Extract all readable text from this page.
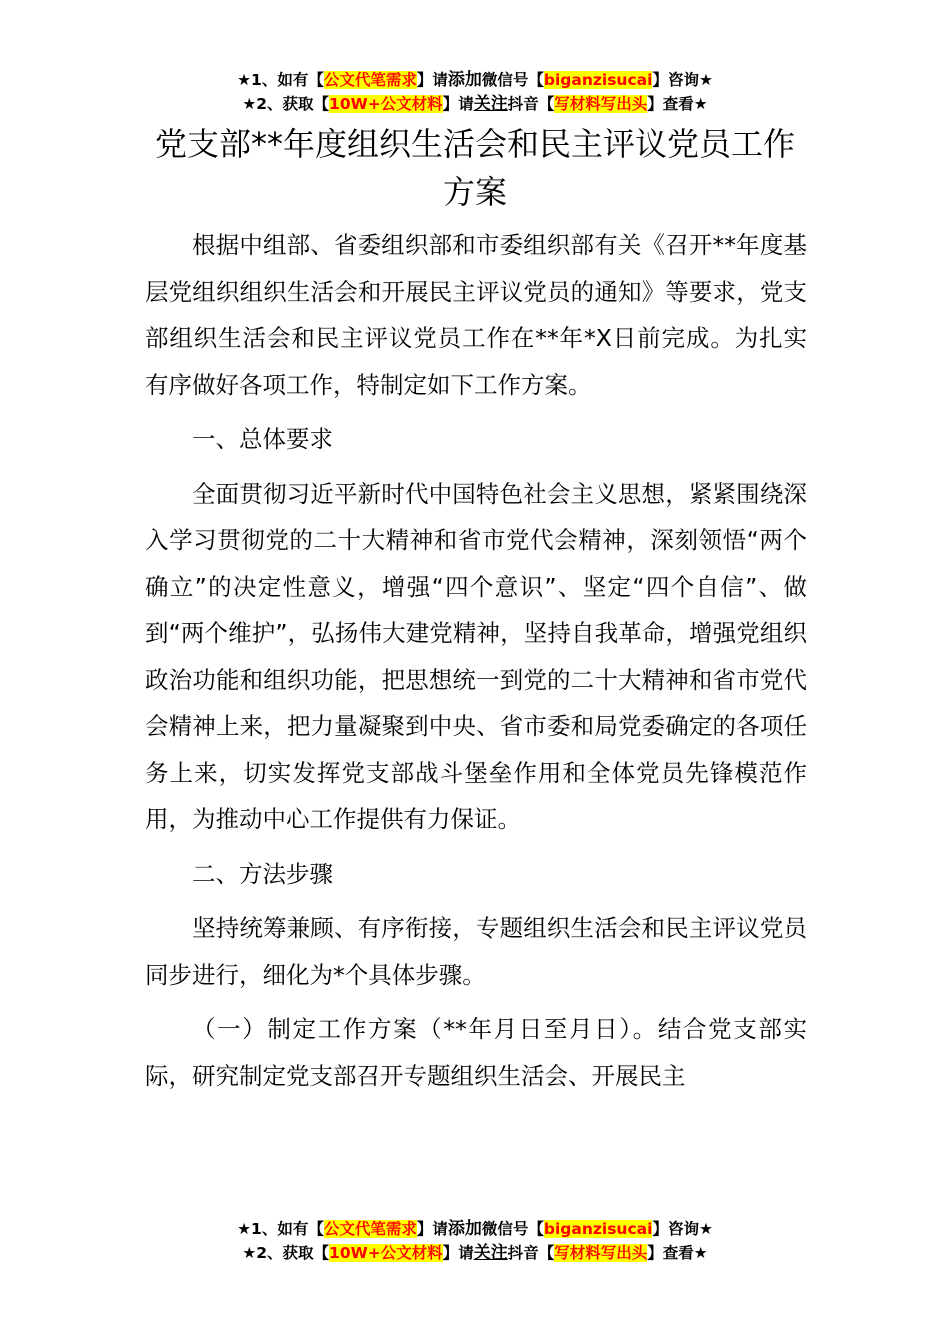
★1、如有【公文代笔需求】请添加微信号【biganzisucai】咨询★
★2、获取【10W+公文材料】请关注抖音【写材料写出头】查看★
党支部**年度组织生活会和民主评议党员工作方案

根据中组部、省委组织部和市委组织部有关《召开**年度基层党组织组织生活会和开展民主评议党员的通知》等要求，党支部组织生活会和民主评议党员工作在**年*X日前完成。为扎实有序做好各项工作，特制定如下工作方案。

一、总体要求

全面贯彻习近平新时代中国特色社会主义思想，紧紧围绕深入学习贯彻党的二十大精神和省市党代会精神，深刻领悟“两个确立”的决定性意义，增强“四个意识”、坚定“四个自信”、做到“两个维护”，弘扬伟大建党精神，坚持自我革命，增强党组织政治功能和组织功能，把思想统一到党的二十大精神和省市党代会精神上来，把力量凝聚到中央、省市委和局党委确定的各项任务上来，切实发挥党支部战斗堡垒作用和全体党员先锋模范作用，为推动中心工作提供有力保证。

二、方法步骤

坚持统筹兼顾、有序衔接，专题组织生活会和民主评议党员同步进行，细化为*个具体步骤。

（一）制定工作方案（**年月日至月日）。结合党支部实际，研究制定党支部召开专题组织生活会、开展民主

★1、如有【公文代笔需求】请添加微信号【biganzisucai】咨询★
★2、获取【10W+公文材料】请关注抖音【写材料写出头】查看★
